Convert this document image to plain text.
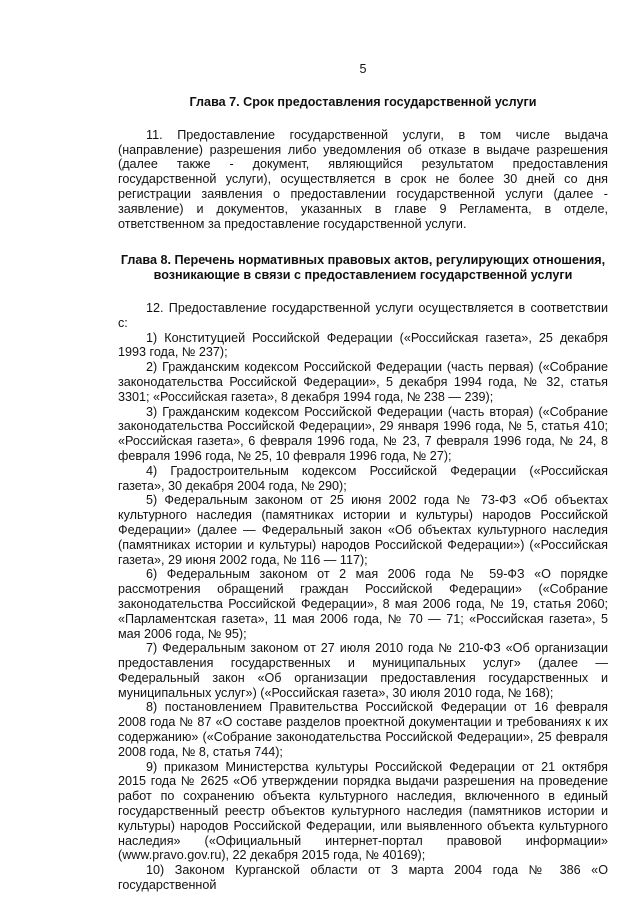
5
Глава 7. Срок предоставления государственной услуги

11. Предоставление государственной услуги, в том числе выдача (направление) разрешения либо уведомления об отказе в выдаче разрешения (далее также - документ, являющийся результатом предоставления государственной услуги), осуществляется в срок не более 30 дней со дня регистрации заявления о предоставлении государственной услуги (далее - заявление) и документов, указанных в главе 9 Регламента, в отделе, ответственном за предоставление государственной услуги.

Глава 8. Перечень нормативных правовых актов, регулирующих отношения,
возникающие в связи с предоставлением государственной услуги

12. Предоставление государственной услуги осуществляется в соответствии с:

1) Конституцией Российской Федерации («Российская газета», 25 декабря 1993 года, № 237);

2) Гражданским кодексом Российской Федерации (часть первая) («Собрание законодательства Российской Федерации», 5 декабря 1994 года, № 32, статья 3301; «Российская газета», 8 декабря 1994 года, № 238 — 239);

3) Гражданским кодексом Российской Федерации (часть вторая) («Собрание законодательства Российской Федерации», 29 января 1996 года, № 5, статья 410; «Российская газета», 6 февраля 1996 года, № 23, 7 февраля 1996 года, № 24, 8 февраля 1996 года, № 25, 10 февраля 1996 года, № 27);

4) Градостроительным кодексом Российской Федерации («Российская газета», 30 декабря 2004 года, № 290);

5) Федеральным законом от 25 июня 2002 года № 73-ФЗ «Об объектах культурного наследия (памятниках истории и культуры) народов Российской Федерации» (далее — Федеральный закон «Об объектах культурного наследия (памятниках истории и культуры) народов Российской Федерации») («Российская газета», 29 июня 2002 года, № 116 — 117);

6) Федеральным законом от 2 мая 2006 года № 59-ФЗ «О порядке рассмотрения обращений граждан Российской Федерации» («Собрание законодательства Российской Федерации», 8 мая 2006 года, № 19, статья 2060; «Парламентская газета», 11 мая 2006 года, № 70 — 71; «Российская газета», 5 мая 2006 года, № 95);

7) Федеральным законом от 27 июля 2010 года № 210-ФЗ «Об организации предоставления государственных и муниципальных услуг» (далее — Федеральный закон «Об организации предоставления государственных и муниципальных услуг») («Российская газета», 30 июля 2010 года, № 168);

8) постановлением Правительства Российской Федерации от 16 февраля 2008 года № 87 «О составе разделов проектной документации и требованиях к их содержанию» («Собрание законодательства Российской Федерации», 25 февраля 2008 года, № 8, статья 744);

9) приказом Министерства культуры Российской Федерации от 21 октября 2015 года № 2625 «Об утверждении порядка выдачи разрешения на проведение работ по сохранению объекта культурного наследия, включенного в единый государственный реестр объектов культурного наследия (памятников истории и культуры) народов Российской Федерации, или выявленного объекта культурного наследия» («Официальный интернет-портал правовой информации» (www.pravo.gov.ru), 22 декабря 2015 года, № 40169);

10) Законом Курганской области от 3 марта 2004 года № 386 «О государственной
